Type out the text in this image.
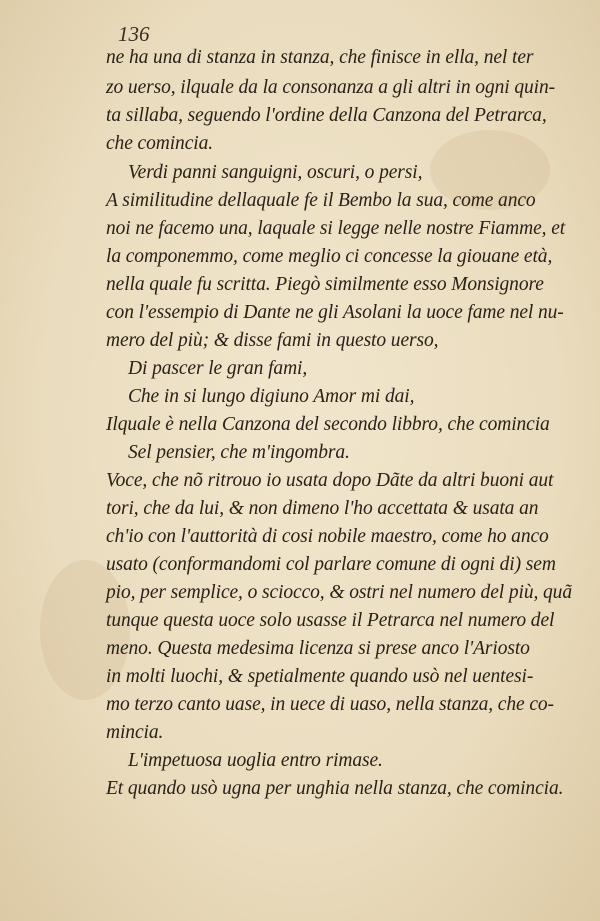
136
ne ha una di stanza in stanza, che finisce in ella, nel ter
zo uerso, ilquale da la consonanza a gli altri in ogni quin-
ta sillaba, seguendo l'ordine della Canzona del Petrarca,
che comincia.
Verdi panni sanguigni, oscuri, o persi,
A similitudine dellaquale fe il Bembo la sua, come anco
noi ne facemo una, laquale si legge nelle nostre Fiamme, et
la componemmo, come meglio ci concesse la giouane età,
nella quale fu scritta. Piegò similmente esso Monsignore
con l'essempio di Dante ne gli Asolani la uoce fame nel nu-
mero del più; & disse fami in questo uerso,
Di pascer le gran fami,
Che in si lungo digiuno Amor mi dai,
Ilquale è nella Canzona del secondo libbro, che comincia
Sel pensier, che m'ingombra.
Voce, che nõ ritrouo io usata dopo Dãte da altri buoni aut
tori, che da lui, & non dimeno l'ho accettata & usata an
ch'io con l'auttorità di cosi nobile maestro, come ho anco
usato (conformandomi col parlare comune di ogni di) sem
pio, per semplice, o sciocco, & ostri nel numero del più, quã
tunque questa uoce solo usasse il Petrarca nel numero del
meno. Questa medesima licenza si prese anco l'Ariosto
in molti luochi, & spetialmente quando usò nel uentesi-
mo terzo canto uase, in uece di uaso, nella stanza, che co-
mincia.
L'impetuosa uoglia entro rimase.
Et quando usò ugna per unghia nella stanza, che comincia.
